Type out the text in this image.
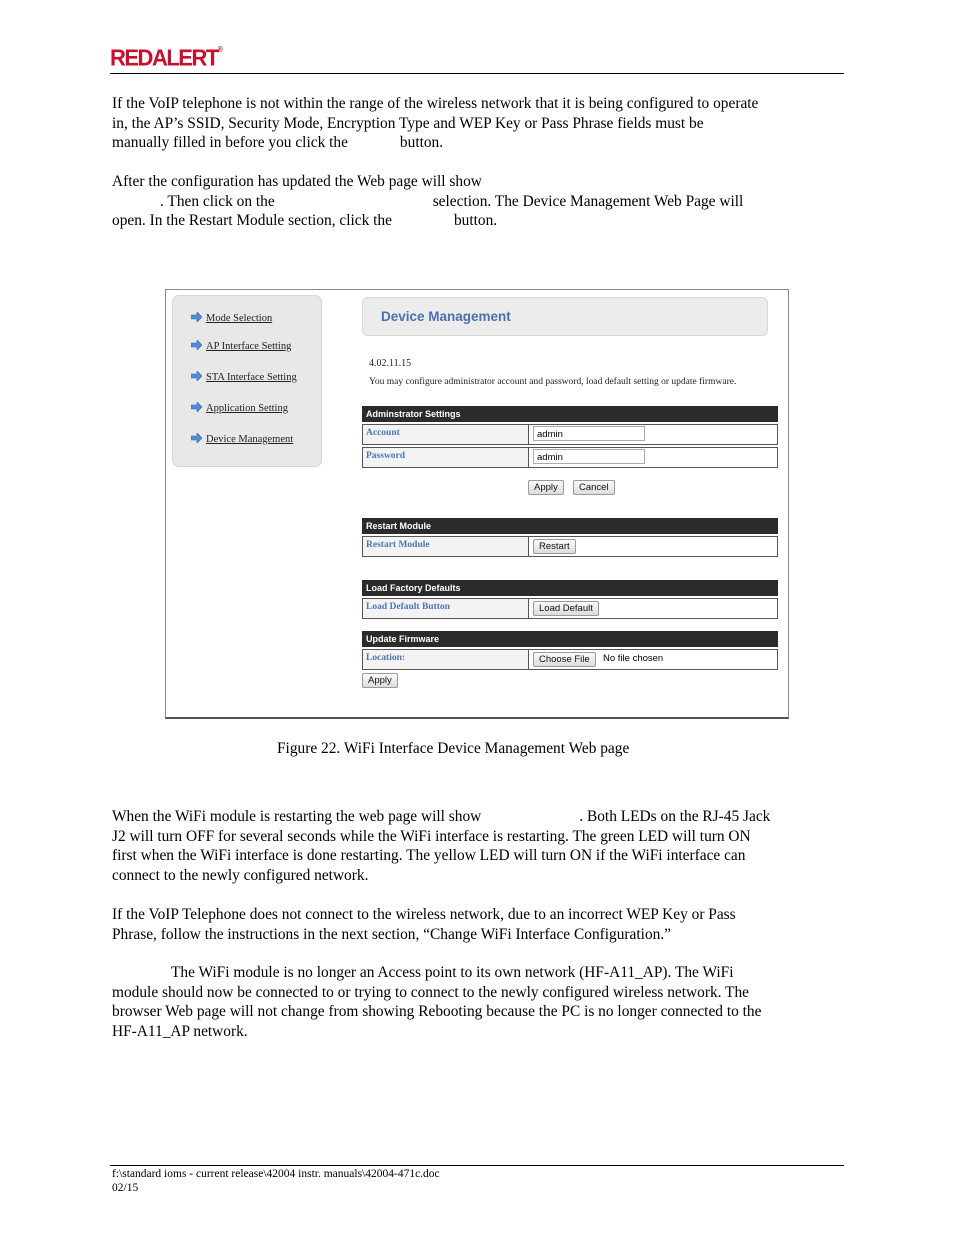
REDALERT®
If the VoIP telephone is not within the range of the wireless network that it is being configured to operate
in, the AP’s SSID, Security Mode, Encryption Type and WEP Key or Pass Phrase fields must be
manually filled in before you click the	button.
After the configuration has updated the Web page will show
. Then click on the	selection. The Device Management Web Page will
open. In the Restart Module section, click the	button.
Mode Selection
AP Interface Setting
STA Interface Setting
Application Setting
Device Management
Device Management
4.02.11.15
You may configure administrator account and password, load default setting or update firmware.
Adminstrator Settings
Account	admin
Password	admin
Apply	Cancel
Restart Module
Restart Module	Restart
Load Factory Defaults
Load Default Button	Load Default
Update Firmware
Location:	Choose File	No file chosen
Apply
Figure 22. WiFi Interface Device Management Web page
When the WiFi module is restarting the web page will show	. Both LEDs on the RJ-45 Jack
J2 will turn OFF for several seconds while the WiFi interface is restarting. The green LED will turn ON
first when the WiFi interface is done restarting. The yellow LED will turn ON if the WiFi interface can
connect to the newly configured network.
If the VoIP Telephone does not connect to the wireless network, due to an incorrect WEP Key or Pass
Phrase, follow the instructions in the next section, “Change WiFi Interface Configuration.”
The WiFi module is no longer an Access point to its own network (HF-A11_AP). The WiFi
module should now be connected to or trying to connect to the newly configured wireless network. The
browser Web page will not change from showing Rebooting because the PC is no longer connected to the
HF-A11_AP network.
f:\standard ioms - current release\42004 instr. manuals\42004-471c.doc
02/15
